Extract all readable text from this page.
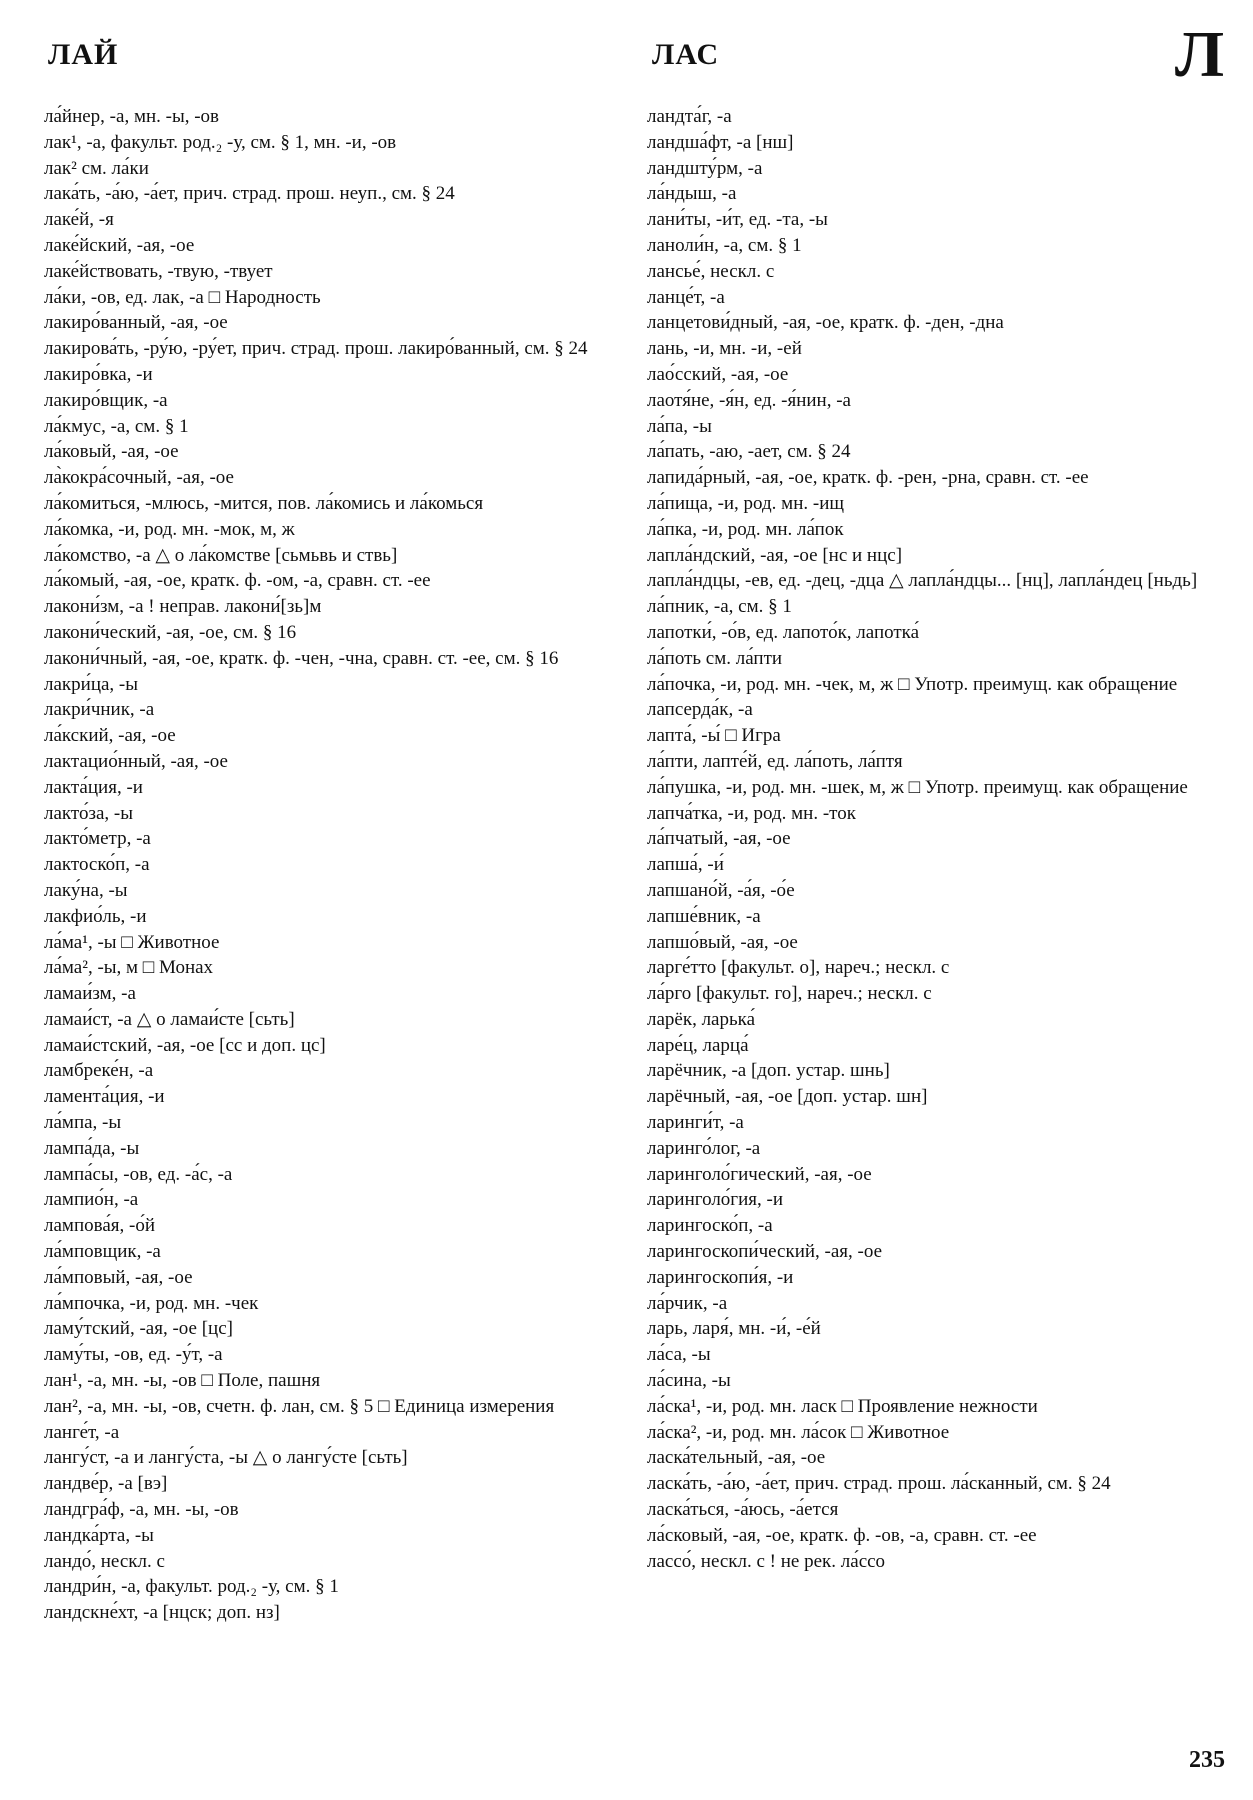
ЛАЙ	ЛАС	Л
ла́йнер, -а, мн. -ы, -ов
лак¹, -а, факульт. род.₂ -у, см. § 1, мн. -и, -ов
лак² см. ла́ки
лака́ть, -а́ю, -а́ет, прич. страд. прош. неуп., см. § 24
лаке́й, -я
лаке́йский, -ая, -ое
лаке́йствовать, -твую, -твует
ла́ки, -ов, ед. лак, -а □ Народность
лакиро́ванный, -ая, -ое
лакирова́ть, -ру́ю, -ру́ет, прич. страд. прош. лакиро́ванный, см. § 24
лакиро́вка, -и
лакиро́вщик, -а
ла́кмус, -а, см. § 1
ла́ковый, -ая, -ое
ла̀кокра́сочный, -ая, -ое
ла́комиться, -млюсь, -мится, пов. ла́комись и ла́комься
ла́комка, -и, род. мн. -мок, м, ж
ла́комство, -а △ о ла́комстве [сьмьвь и ствь]
ла́комый, -ая, -ое, кратк. ф. -ом, -а, сравн. ст. -ее
лакони́зм, -а ! неправ. лакони́[зь]м
лакони́ческий, -ая, -ое, см. § 16
лакони́чный, -ая, -ое, кратк. ф. -чен, -чна, сравн. ст. -ее, см. § 16
лакри́ца, -ы
лакри́чник, -а
ла́кский, -ая, -ое
лактацио́нный, -ая, -ое
лакта́ция, -и
лакто́за, -ы
лакто́метр, -а
лактоско́п, -а
лаку́на, -ы
лакфио́ль, -и
ла́ма¹, -ы □ Животное
ла́ма², -ы, м □ Монах
ламаи́зм, -а
ламаи́ст, -а △ о ламаи́сте [сьть]
ламаи́стский, -ая, -ое [сс и доп. цс]
ламбреке́н, -а
ламента́ция, -и
ла́мпа, -ы
лампа́да, -ы
лампа́сы, -ов, ед. -а́с, -а
лампио́н, -а
лампова́я, -о́й
ла́мповщик, -а
ла́мповый, -ая, -ое
ла́мпочка, -и, род. мн. -чек
ламу́тский, -ая, -ое [цс]
ламу́ты, -ов, ед. -у́т, -а
лан¹, -а, мн. -ы, -ов □ Поле, пашня
лан², -а, мн. -ы, -ов, счетн. ф. лан, см. § 5 □ Единица измерения
ланге́т, -а
лангу́ст, -а и лангу́ста, -ы △ о лангу́сте [сьть]
ландве́р, -а [вэ]
ландгра́ф, -а, мн. -ы, -ов
ландка́рта, -ы
ландо́, нескл. с
ландри́н, -а, факульт. род.₂ -у, см. § 1
ландскне́хт, -а [нцск; доп. нз]
ландта́г, -а
ландша́фт, -а [нш]
ландшту́рм, -а
ла́ндыш, -а
лани́ты, -и́т, ед. -та, -ы
ланоли́н, -а, см. § 1
лансье́, нескл. с
ланце́т, -а
ланцетови́дный, -ая, -ое, кратк. ф. -ден, -дна
лань, -и, мн. -и, -ей
лао́сский, -ая, -ое
лаотя́не, -я́н, ед. -я́нин, -а
ла́па, -ы
ла́пать, -аю, -ает, см. § 24
лапида́рный, -ая, -ое, кратк. ф. -рен, -рна, сравн. ст. -ее
ла́пища, -и, род. мн. -ищ
ла́пка, -и, род. мн. ла́пок
лапла́ндский, -ая, -ое [нс и нцс]
лапла́ндцы, -ев, ед. -дец, -дца △ лапла́ндцы... [нц], лапла́ндец [ньдь]
ла́пник, -а, см. § 1
лапотки́, -о́в, ед. лапото́к, лапотка́
ла́поть см. ла́пти
ла́почка, -и, род. мн. -чек, м, ж □ Употр. преимущ. как обращение
лапсерда́к, -а
лапта́, -ы́ □ Игра
ла́пти, лапте́й, ед. ла́поть, ла́птя
ла́пушка, -и, род. мн. -шек, м, ж □ Употр. преимущ. как обращение
лапча́тка, -и, род. мн. -ток
ла́пчатый, -ая, -ое
лапша́, -и́
лапшано́й, -а́я, -о́е
лапше́вник, -а
лапшо́вый, -ая, -ое
ларге́тто [факульт. о], нареч.; нескл. с
ла́рго [факульт. го], нареч.; нескл. с
ларёк, ларька́
ларе́ц, ларца́
ларёчник, -а [доп. устар. шнь]
ларёчный, -ая, -ое [доп. устар. шн]
ларинги́т, -а
ларинго́лог, -а
ларинголо́гический, -ая, -ое
ларинголо́гия, -и
ларингоско́п, -а
ларингоскопи́ческий, -ая, -ое
ларингоскопи́я, -и
ла́рчик, -а
ларь, ларя́, мн. -и́, -е́й
ла́са, -ы
ла́сина, -ы
ла́ска¹, -и, род. мн. ласк □ Проявление нежности
ла́ска², -и, род. мн. ла́сок □ Животное
ласка́тельный, -ая, -ое
ласка́ть, -а́ю, -а́ет, прич. страд. прош. ла́сканный, см. § 24
ласка́ться, -а́юсь, -а́ется
ла́сковый, -ая, -ое, кратк. ф. -ов, -а, сравн. ст. -ее
лассо́, нескл. с ! не рек. ла́ссо
235
